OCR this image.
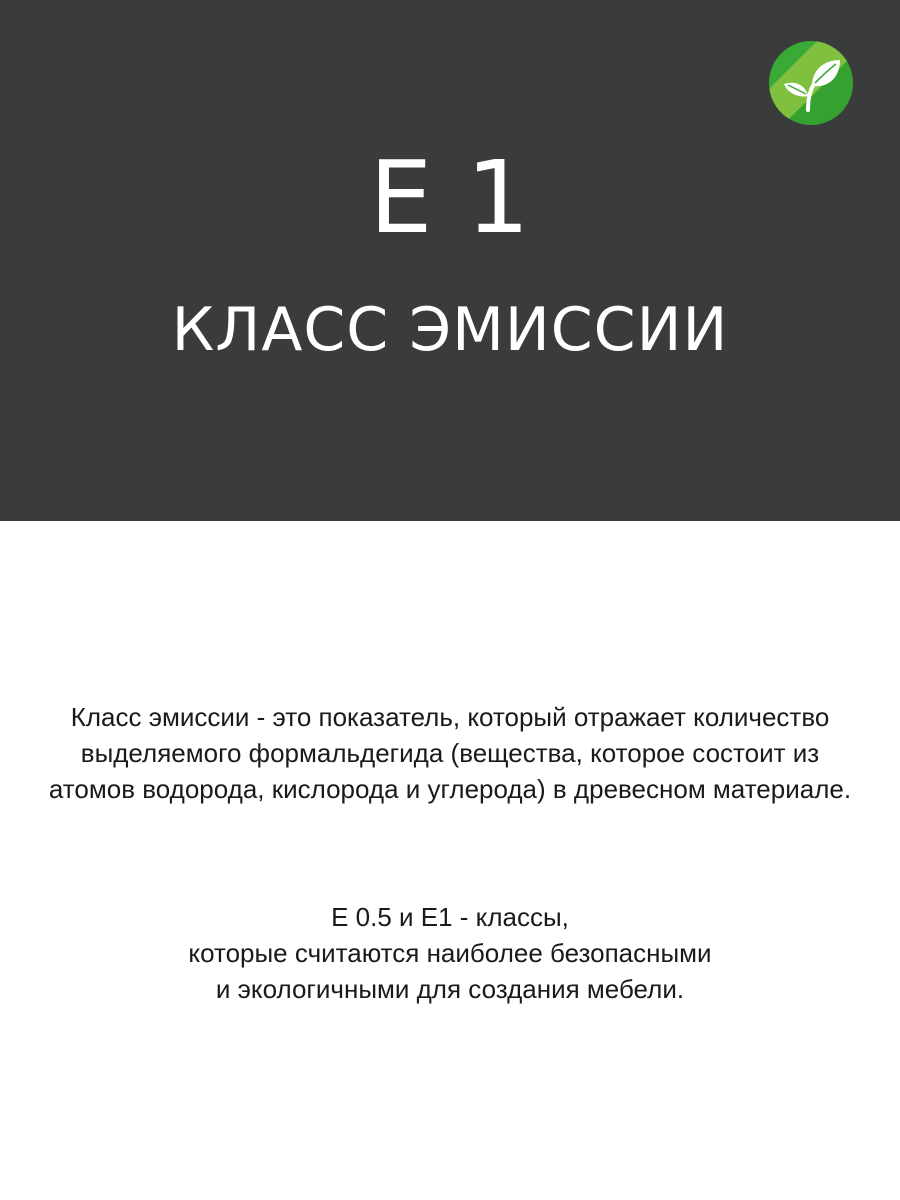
E 1
КЛАСС ЭМИССИИ
Класс эмиссии - это показатель, который отражает количество
выделяемого формальдегида (вещества, которое состоит из
атомов водорода, кислорода и углерода) в древесном материале.
Е 0.5 и Е1 - классы,
которые считаются наиболее безопасными
и экологичными для создания мебели.
